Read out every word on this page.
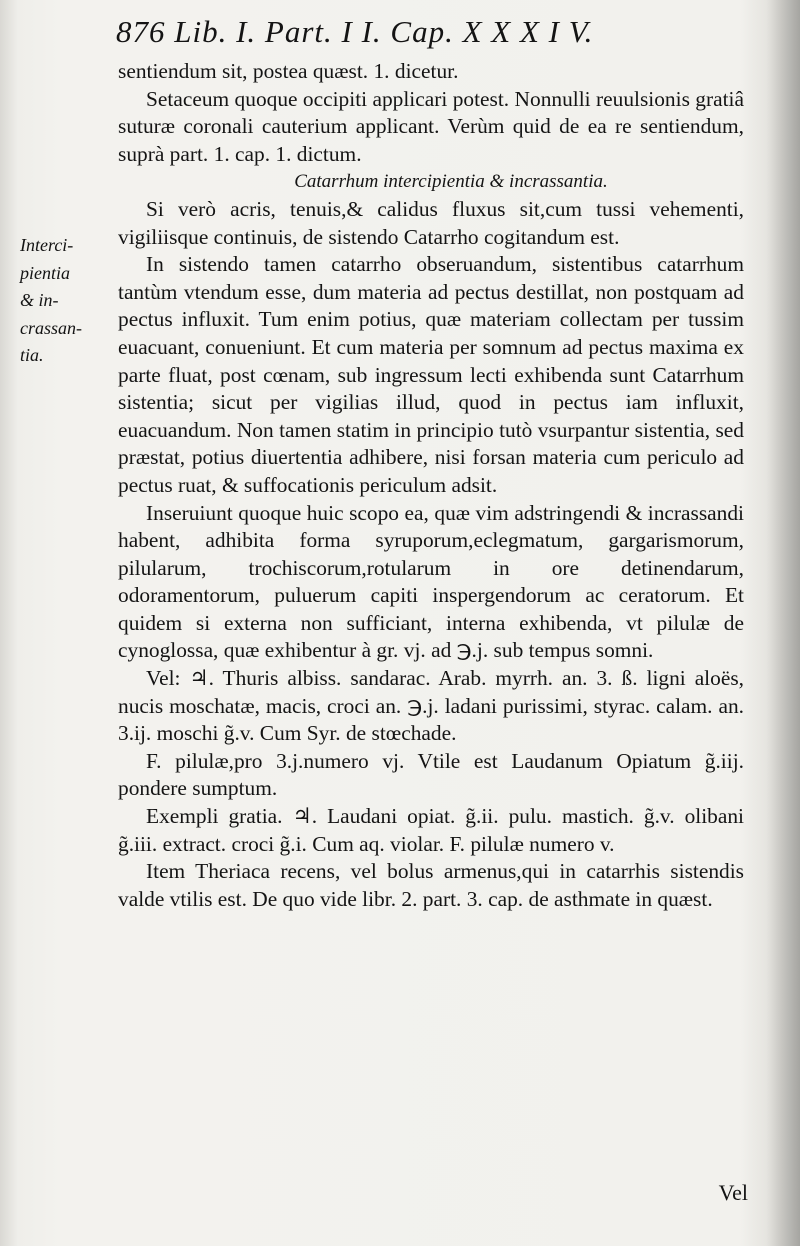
876 Lib. I. Part. I I. Cap. X X X I V.
Interci-
pientia
& in-
crassan-
tia.

sentiendum sit, postea quæst. 1. dicetur.

Setaceum quoque occipiti applicari potest. Nonnulli reuulsionis gratiâ suturæ coronali cauterium applicant. Verùm quid de ea re sentiendum, suprà part. 1. cap. 1. dictum.

Catarrhum intercipientia & incrassantia.

Si verò acris, tenuis,& calidus fluxus sit,cum tussi vehementi, vigiliisque continuis, de sistendo Catarrho cogitandum est.

In sistendo tamen catarrho obseruandum, sistentibus catarrhum tantùm vtendum esse, dum materia ad pectus destillat, non postquam ad pectus influxit. Tum enim potius, quæ materiam collectam per tussim euacuant, conueniunt. Et cum materia per somnum ad pectus maxima ex parte fluat, post cœnam, sub ingressum lecti exhibenda sunt Catarrhum sistentia; sicut per vigilias illud, quod in pectus iam influxit, euacuandum. Non tamen statim in principio tutò vsurpantur sistentia, sed præstat, potius diuertentia adhibere, nisi forsan materia cum periculo ad pectus ruat, & suffocationis periculum adsit.

Inseruiunt quoque huic scopo ea, quæ vim adstringendi & incrassandi habent, adhibita forma syruporum,eclegmatum, gargarismorum, pilularum, trochiscorum,rotularum in ore detinendarum, odoramentorum, puluerum capiti inspergendorum ac ceratorum. Et quidem si externa non sufficiant, interna exhibenda, vt pilulæ de cynoglossa, quæ exhibentur à gr. vj. ad ℈.j. sub tempus somni.

Vel: ♃. Thuris albiss. sandarac. Arab. myrrh. an. 3. ß. ligni aloës, nucis moschatæ, macis, croci an. ℈.j. ladani purissimi, styrac. calam. an. 3.ij. moschi g̃.v. Cum Syr. de stœchade.

F. pilulæ,pro 3.j.numero vj. Vtile est Laudanum Opiatum g̃.iij. pondere sumptum.

Exempli gratia. ♃. Laudani opiat. g̃.ii. pulu. mastich. g̃.v. olibani g̃.iii. extract. croci g̃.i. Cum aq. violar. F. pilulæ numero v.

Item Theriaca recens, vel bolus armenus,qui in catarrhis sistendis valde vtilis est. De quo vide libr. 2. part. 3. cap. de asthmate in quæst.

Vel
